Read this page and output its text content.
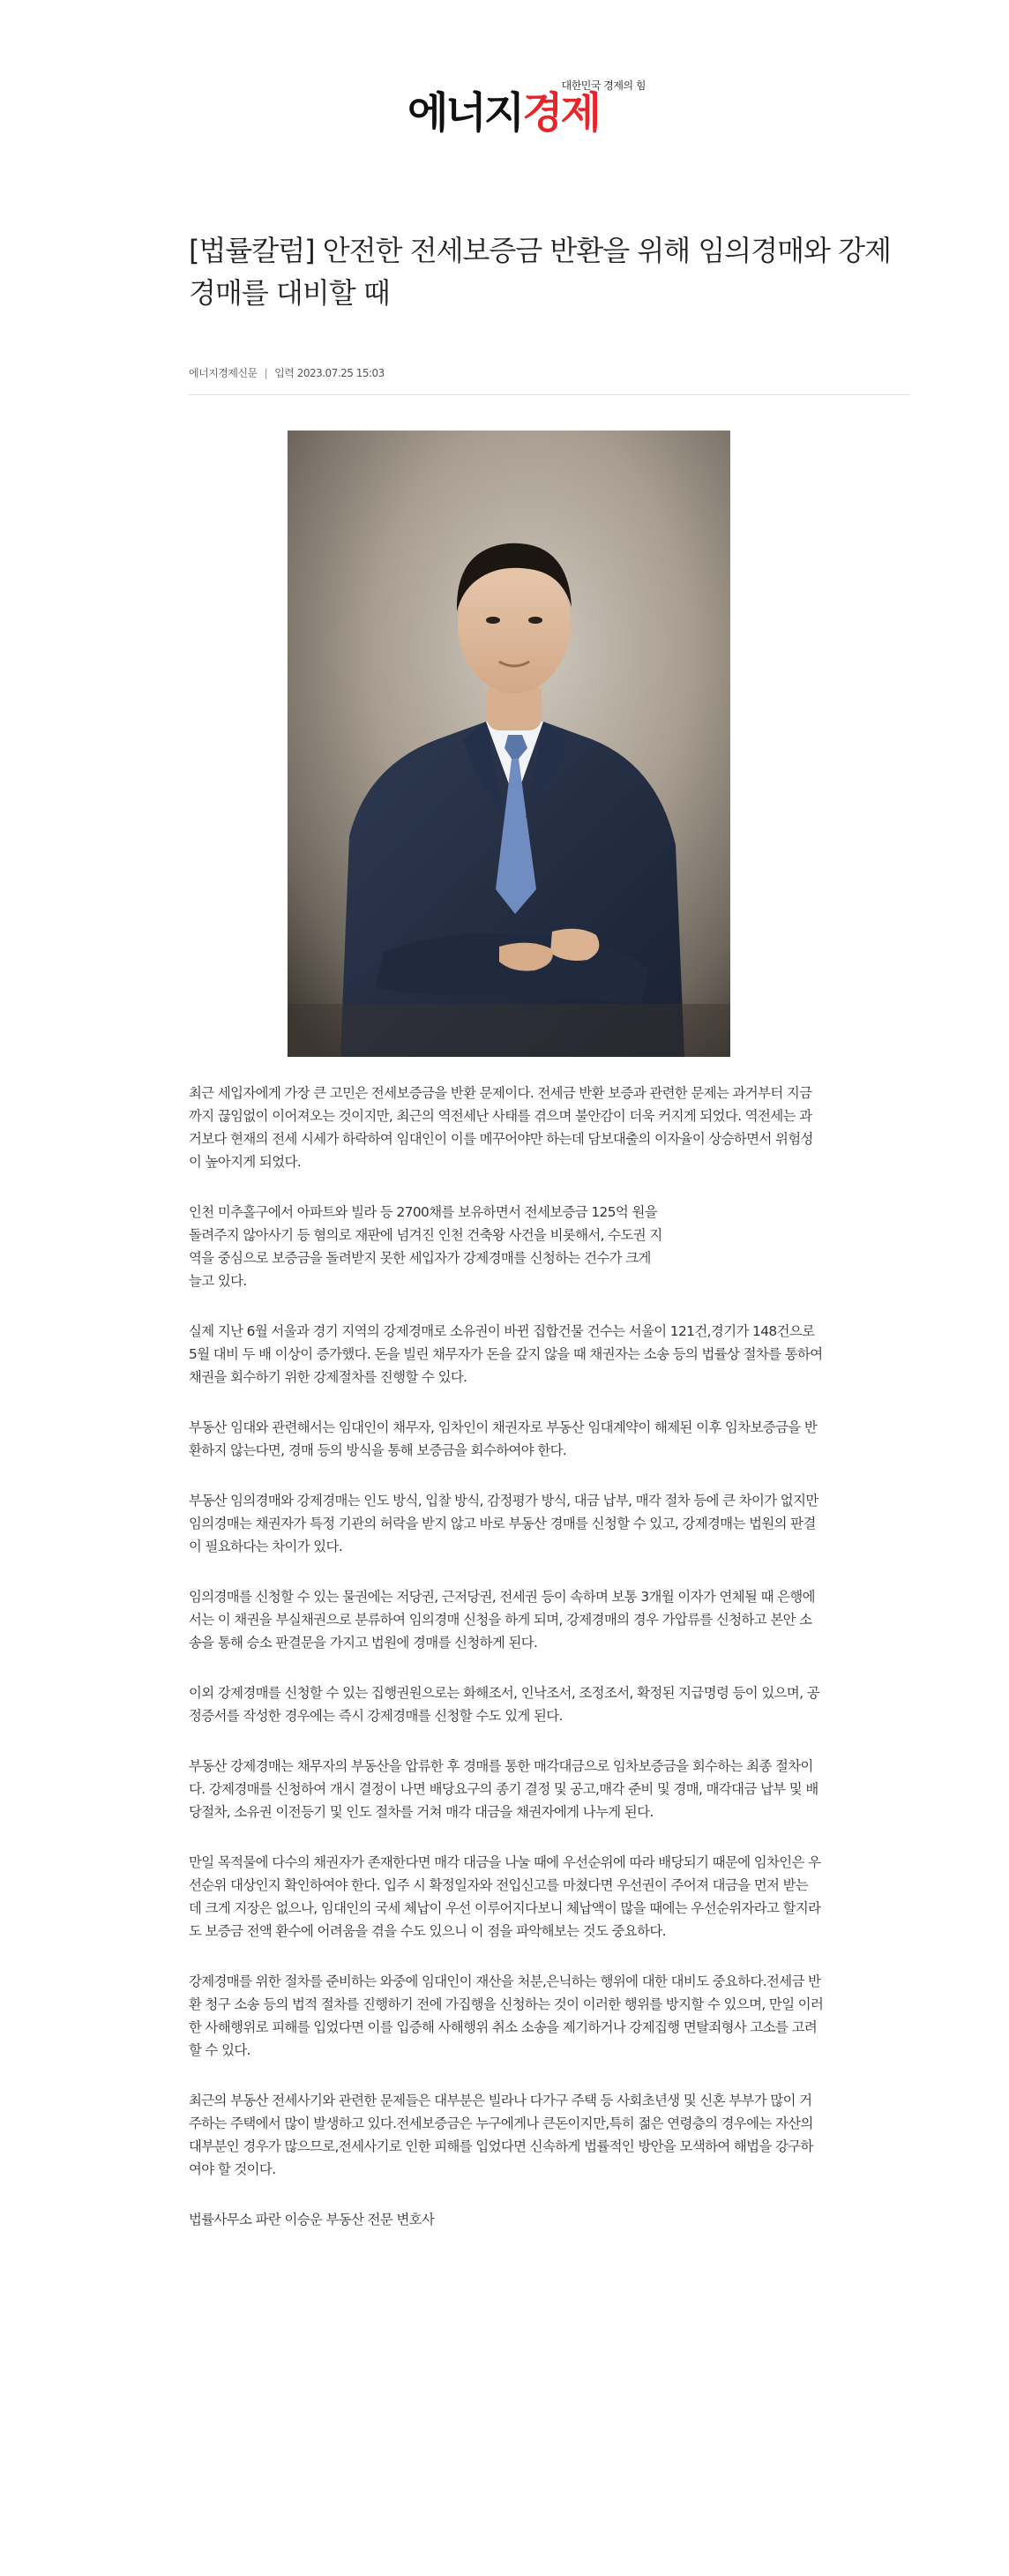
대한민국 경제의 힘
에너지경제
[법률칼럼] 안전한 전세보증금 반환을 위해 임의경매와 강제경매를 대비할 때
에너지경제신문 | 입력 2023.07.25 15:03

최근 세입자에게 가장 큰 고민은 전세보증금을 반환 문제이다. 전세금 반환 보증과 관련한 문제는 과거부터 지금까지 끊임없이 이어져오는 것이지만, 최근의 역전세난 사태를 겪으며 불안감이 더욱 커지게 되었다. 역전세는 과거보다 현재의 전세 시세가 하락하여 임대인이 이를 메꾸어야만 하는데 담보대출의 이자율이 상승하면서 위험성이 높아지게 되었다.

인천 미추홀구에서 아파트와 빌라 등 2700채를 보유하면서 전세보증금 125억 원을 돌려주지 않아사기 등 혐의로 재판에 넘겨진 인천 건축왕 사건을 비롯해서, 수도권 지역을 중심으로 보증금을 돌려받지 못한 세입자가 강제경매를 신청하는 건수가 크게 늘고 있다.

실제 지난 6월 서울과 경기 지역의 강제경매로 소유권이 바뀐 집합건물 건수는 서울이 121건,경기가 148건으로 5월 대비 두 배 이상이 증가했다. 돈을 빌린 채무자가 돈을 갚지 않을 때 채권자는 소송 등의 법률상 절차를 통하여 채권을 회수하기 위한 강제절차를 진행할 수 있다.

부동산 임대와 관련해서는 임대인이 채무자, 임차인이 채권자로 부동산 임대계약이 해제된 이후 임차보증금을 반환하지 않는다면, 경매 등의 방식을 통해 보증금을 회수하여야 한다.

부동산 임의경매와 강제경매는 인도 방식, 입찰 방식, 감정평가 방식, 대금 납부, 매각 절차 등에 큰 차이가 없지만 임의경매는 채권자가 특정 기관의 허락을 받지 않고 바로 부동산 경매를 신청할 수 있고, 강제경매는 법원의 판결이 필요하다는 차이가 있다.

임의경매를 신청할 수 있는 물권에는 저당권, 근저당권, 전세권 등이 속하며 보통 3개월 이자가 연체될 때 은행에서는 이 채권을 부실채권으로 분류하여 임의경매 신청을 하게 되며, 강제경매의 경우 가압류를 신청하고 본안 소송을 통해 승소 판결문을 가지고 법원에 경매를 신청하게 된다.

이외 강제경매를 신청할 수 있는 집행권원으로는 화해조서, 인낙조서, 조정조서, 확정된 지급명령 등이 있으며, 공정증서를 작성한 경우에는 즉시 강제경매를 신청할 수도 있게 된다.

부동산 강제경매는 채무자의 부동산을 압류한 후 경매를 통한 매각대금으로 임차보증금을 회수하는 최종 절차이다. 강제경매를 신청하여 개시 결정이 나면 배당요구의 종기 결정 및 공고,매각 준비 및 경매, 매각대금 납부 및 배당절차, 소유권 이전등기 및 인도 절차를 거쳐 매각 대금을 채권자에게 나누게 된다.

만일 목적물에 다수의 채권자가 존재한다면 매각 대금을 나눌 때에 우선순위에 따라 배당되기 때문에 임차인은 우선순위 대상인지 확인하여야 한다. 입주 시 확정일자와 전입신고를 마쳤다면 우선권이 주어져 대금을 먼저 받는 데 크게 지장은 없으나, 임대인의 국세 체납이 우선 이루어지다보니 체납액이 많을 때에는 우선순위자라고 할지라도 보증금 전액 환수에 어려움을 겪을 수도 있으니 이 점을 파악해보는 것도 중요하다.

강제경매를 위한 절차를 준비하는 와중에 임대인이 재산을 처분,은닉하는 행위에 대한 대비도 중요하다.전세금 반환 청구 소송 등의 법적 절차를 진행하기 전에 가집행을 신청하는 것이 이러한 행위를 방지할 수 있으며, 만일 이러한 사해행위로 피해를 입었다면 이를 입증해 사해행위 취소 소송을 제기하거나 강제집행 면탈죄형사 고소를 고려할 수 있다.

최근의 부동산 전세사기와 관련한 문제들은 대부분은 빌라나 다가구 주택 등 사회초년생 및 신혼 부부가 많이 거주하는 주택에서 많이 발생하고 있다.전세보증금은 누구에게나 큰돈이지만,특히 젊은 연령층의 경우에는 자산의 대부분인 경우가 많으므로,전세사기로 인한 피해를 입었다면 신속하게 법률적인 방안을 모색하여 해법을 강구하여야 할 것이다.

법률사무소 파란 이승운 부동산 전문 변호사
